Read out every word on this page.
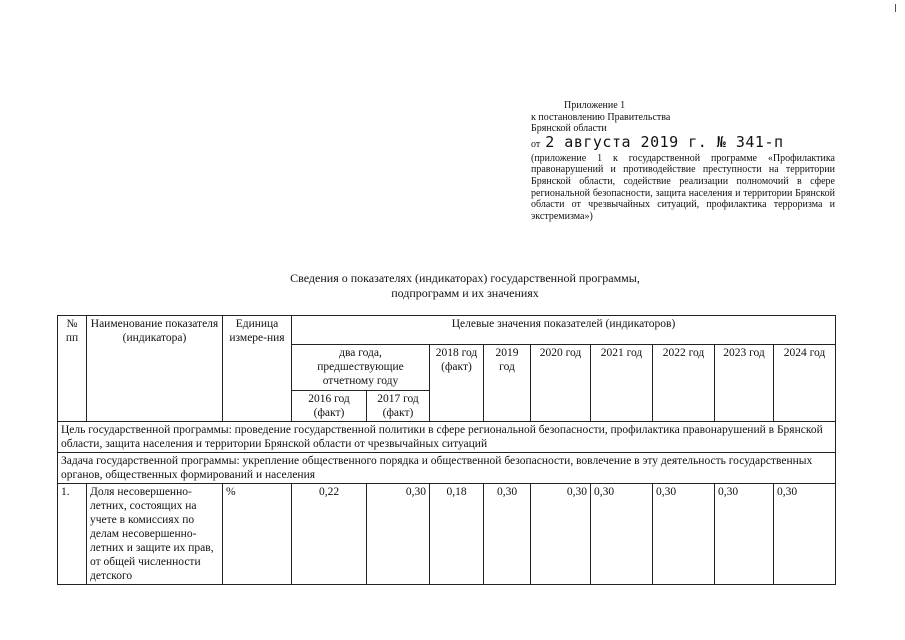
Приложение 1
к постановлению Правительства
Брянской области
от 2 августа 2019 г. № 341-п
(приложение 1 к государственной программе «Профилактика правонарушений и противодействие преступности на территории Брянской области, содействие реализации полномочий в сфере региональной безопасности, защита населения и территории Брянской области от чрезвычайных ситуаций, профилактика терроризма и экстремизма»)
Сведения о показателях (индикаторах) государственной программы,
подпрограмм и их значениях
№ пп	Наименование показателя (индикатора)	Единица измере-ния	Целевые значения показателей (индикаторов)								
			два года, предшествующие отчетному году		2018 год (факт)	2019 год	2020 год	2021 год	2022 год	2023 год	2024 год
			2016 год (факт)	2017 год (факт)							
Цель государственной программы: проведение государственной политики в сфере региональной безопасности, профилактика правонарушений в Брянской области, защита населения и территории Брянской области от чрезвычайных ситуаций											
Задача государственной программы: укрепление общественного порядка и общественной безопасности, вовлечение в эту деятельность государственных органов, общественных формирований и населения											
1.	Доля несовершенно-летних, состоящих на учете в комиссиях по делам несовершенно-летних и защите их прав, от общей численности детского	%	0,22	0,30	0,18	0,30	0,30	0,30	0,30	0,30	0,30
